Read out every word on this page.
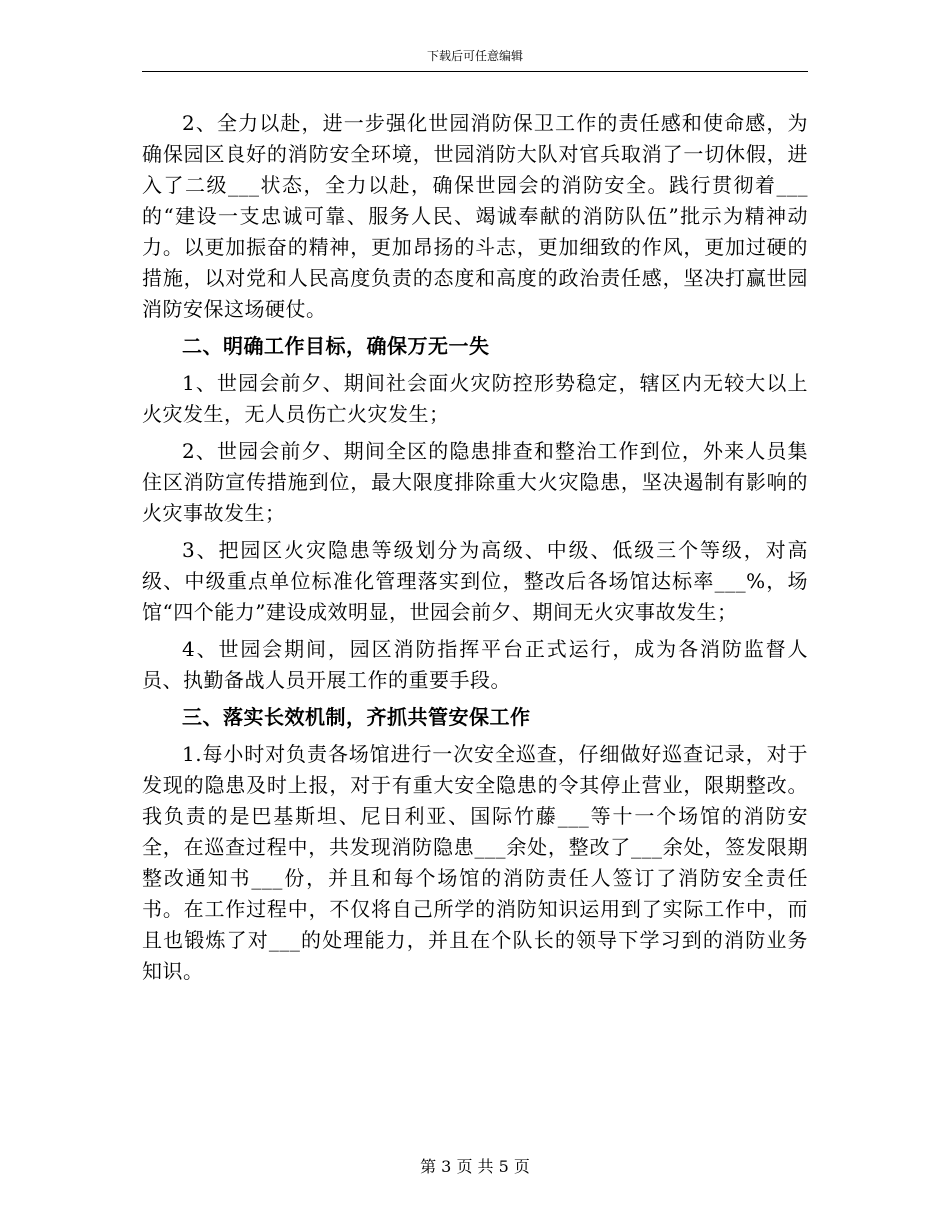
下载后可任意编辑

2、全力以赴，进一步强化世园消防保卫工作的责任感和使命感，为确保园区良好的消防安全环境，世园消防大队对官兵取消了一切休假，进入了二级___状态，全力以赴，确保世园会的消防安全。践行贯彻着___的“建设一支忠诚可靠、服务人民、竭诚奉献的消防队伍”批示为精神动力。以更加振奋的精神，更加昂扬的斗志，更加细致的作风，更加过硬的措施，以对党和人民高度负责的态度和高度的政治责任感，坚决打赢世园消防安保这场硬仗。

二、明确工作目标，确保万无一失

1、世园会前夕、期间社会面火灾防控形势稳定，辖区内无较大以上火灾发生，无人员伤亡火灾发生；

2、世园会前夕、期间全区的隐患排查和整治工作到位，外来人员集住区消防宣传措施到位，最大限度排除重大火灾隐患，坚决遏制有影响的火灾事故发生；

3、把园区火灾隐患等级划分为高级、中级、低级三个等级，对高级、中级重点单位标准化管理落实到位，整改后各场馆达标率___%，场馆“四个能力”建设成效明显，世园会前夕、期间无火灾事故发生；

4、世园会期间，园区消防指挥平台正式运行，成为各消防监督人员、执勤备战人员开展工作的重要手段。

三、落实长效机制，齐抓共管安保工作

1.每小时对负责各场馆进行一次安全巡查，仔细做好巡查记录，对于发现的隐患及时上报，对于有重大安全隐患的令其停止营业，限期整改。我负责的是巴基斯坦、尼日利亚、国际竹藤___等十一个场馆的消防安全，在巡查过程中，共发现消防隐患___余处，整改了___余处，签发限期整改通知书___份，并且和每个场馆的消防责任人签订了消防安全责任书。在工作过程中，不仅将自己所学的消防知识运用到了实际工作中，而且也锻炼了对___的处理能力，并且在个队长的领导下学习到的消防业务知识。

第 3 页 共 5 页
